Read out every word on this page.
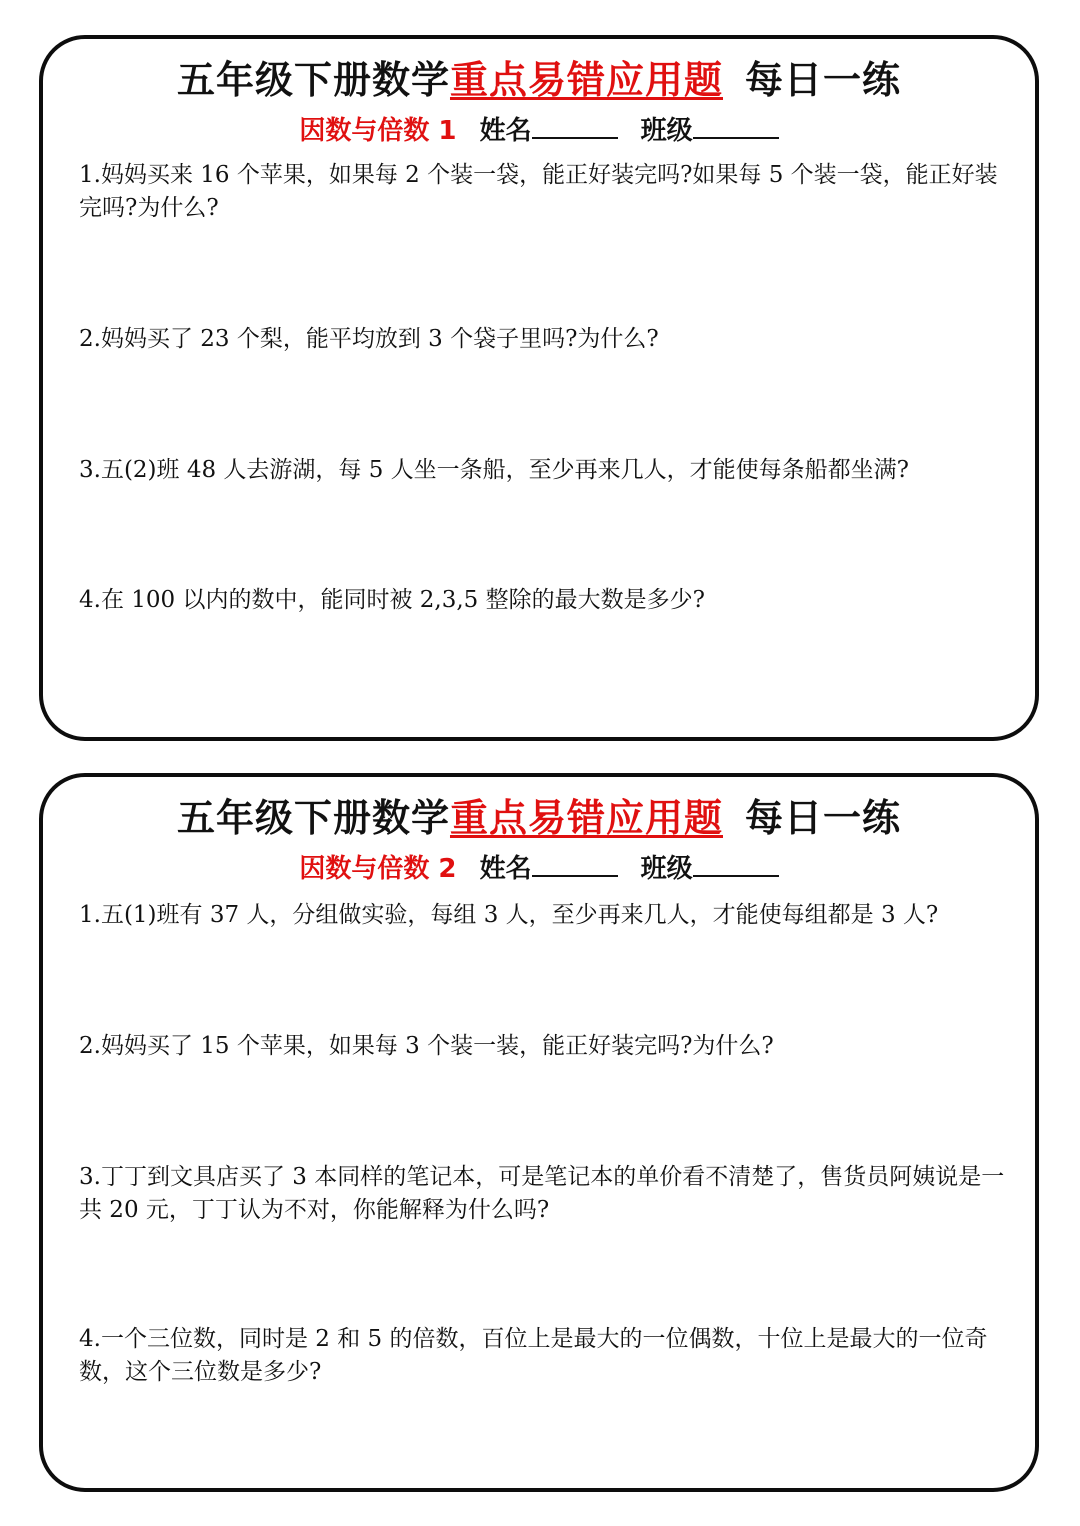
五年级下册数学重点易错应用题 每日一练
因数与倍数 1 姓名	班级

1.妈妈买来 16 个苹果，如果每 2 个装一袋，能正好装完吗?如果每 5 个装一袋，能正好装完吗?为什么?

2.妈妈买了 23 个梨，能平均放到 3 个袋子里吗?为什么?

3.五(2)班 48 人去游湖，每 5 人坐一条船，至少再来几人，才能使每条船都坐满?

4.在 100 以内的数中，能同时被 2,3,5 整除的最大数是多少?

五年级下册数学重点易错应用题 每日一练
因数与倍数 2 姓名	班级

1.五(1)班有 37 人，分组做实验，每组 3 人，至少再来几人，才能使每组都是 3 人?

2.妈妈买了 15 个苹果，如果每 3 个装一装，能正好装完吗?为什么?

3.丁丁到文具店买了 3 本同样的笔记本，可是笔记本的单价看不清楚了，售货员阿姨说是一共 20 元，丁丁认为不对，你能解释为什么吗?

4.一个三位数，同时是 2 和 5 的倍数，百位上是最大的一位偶数，十位上是最大的一位奇数，这个三位数是多少?
